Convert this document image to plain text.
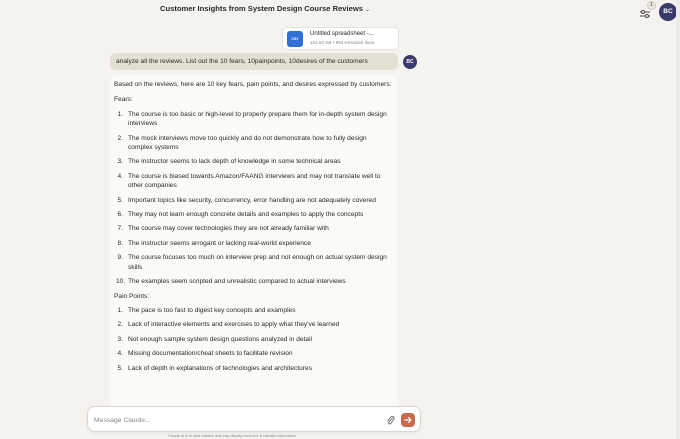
Customer Insights from System Design Course Reviews ⌄
1
BC
CSV
Untitled spreadsheet -...
104.92 KB • 994 extracted lines
analyze all the reviews. List out the 10 fears, 10painpoints, 10desires of the customers	BC

Based on the reviews, here are 10 key fears, pain points, and desires expressed by customers:

Fears:
1. The course is too basic or high-level to properly prepare them for in-depth system design interviews
2. The mock interviews move too quickly and do not demonstrate how to fully design complex systems
3. The instructor seems to lack depth of knowledge in some technical areas
4. The course is biased towards Amazon/FAANG interviews and may not translate well to other companies
5. Important topics like security, concurrency, error handling are not adequately covered
6. They may not learn enough concrete details and examples to apply the concepts
7. The course may cover technologies they are not already familiar with
8. The instructor seems arrogant or lacking real-world experience
9. The course focuses too much on interview prep and not enough on actual system design skills
10. The examples seem scripted and unrealistic compared to actual interviews
Pain Points:
1. The pace is too fast to digest key concepts and examples
2. Lack of interactive elements and exercises to apply what they've learned
3. Not enough sample system design questions analyzed in detail
4. Missing documentation/cheat sheets to facilitate revision
5. Lack of depth in explanations of technologies and architectures
Message Claude...
Claude.ai is in beta release and may display incorrect or harmful information
